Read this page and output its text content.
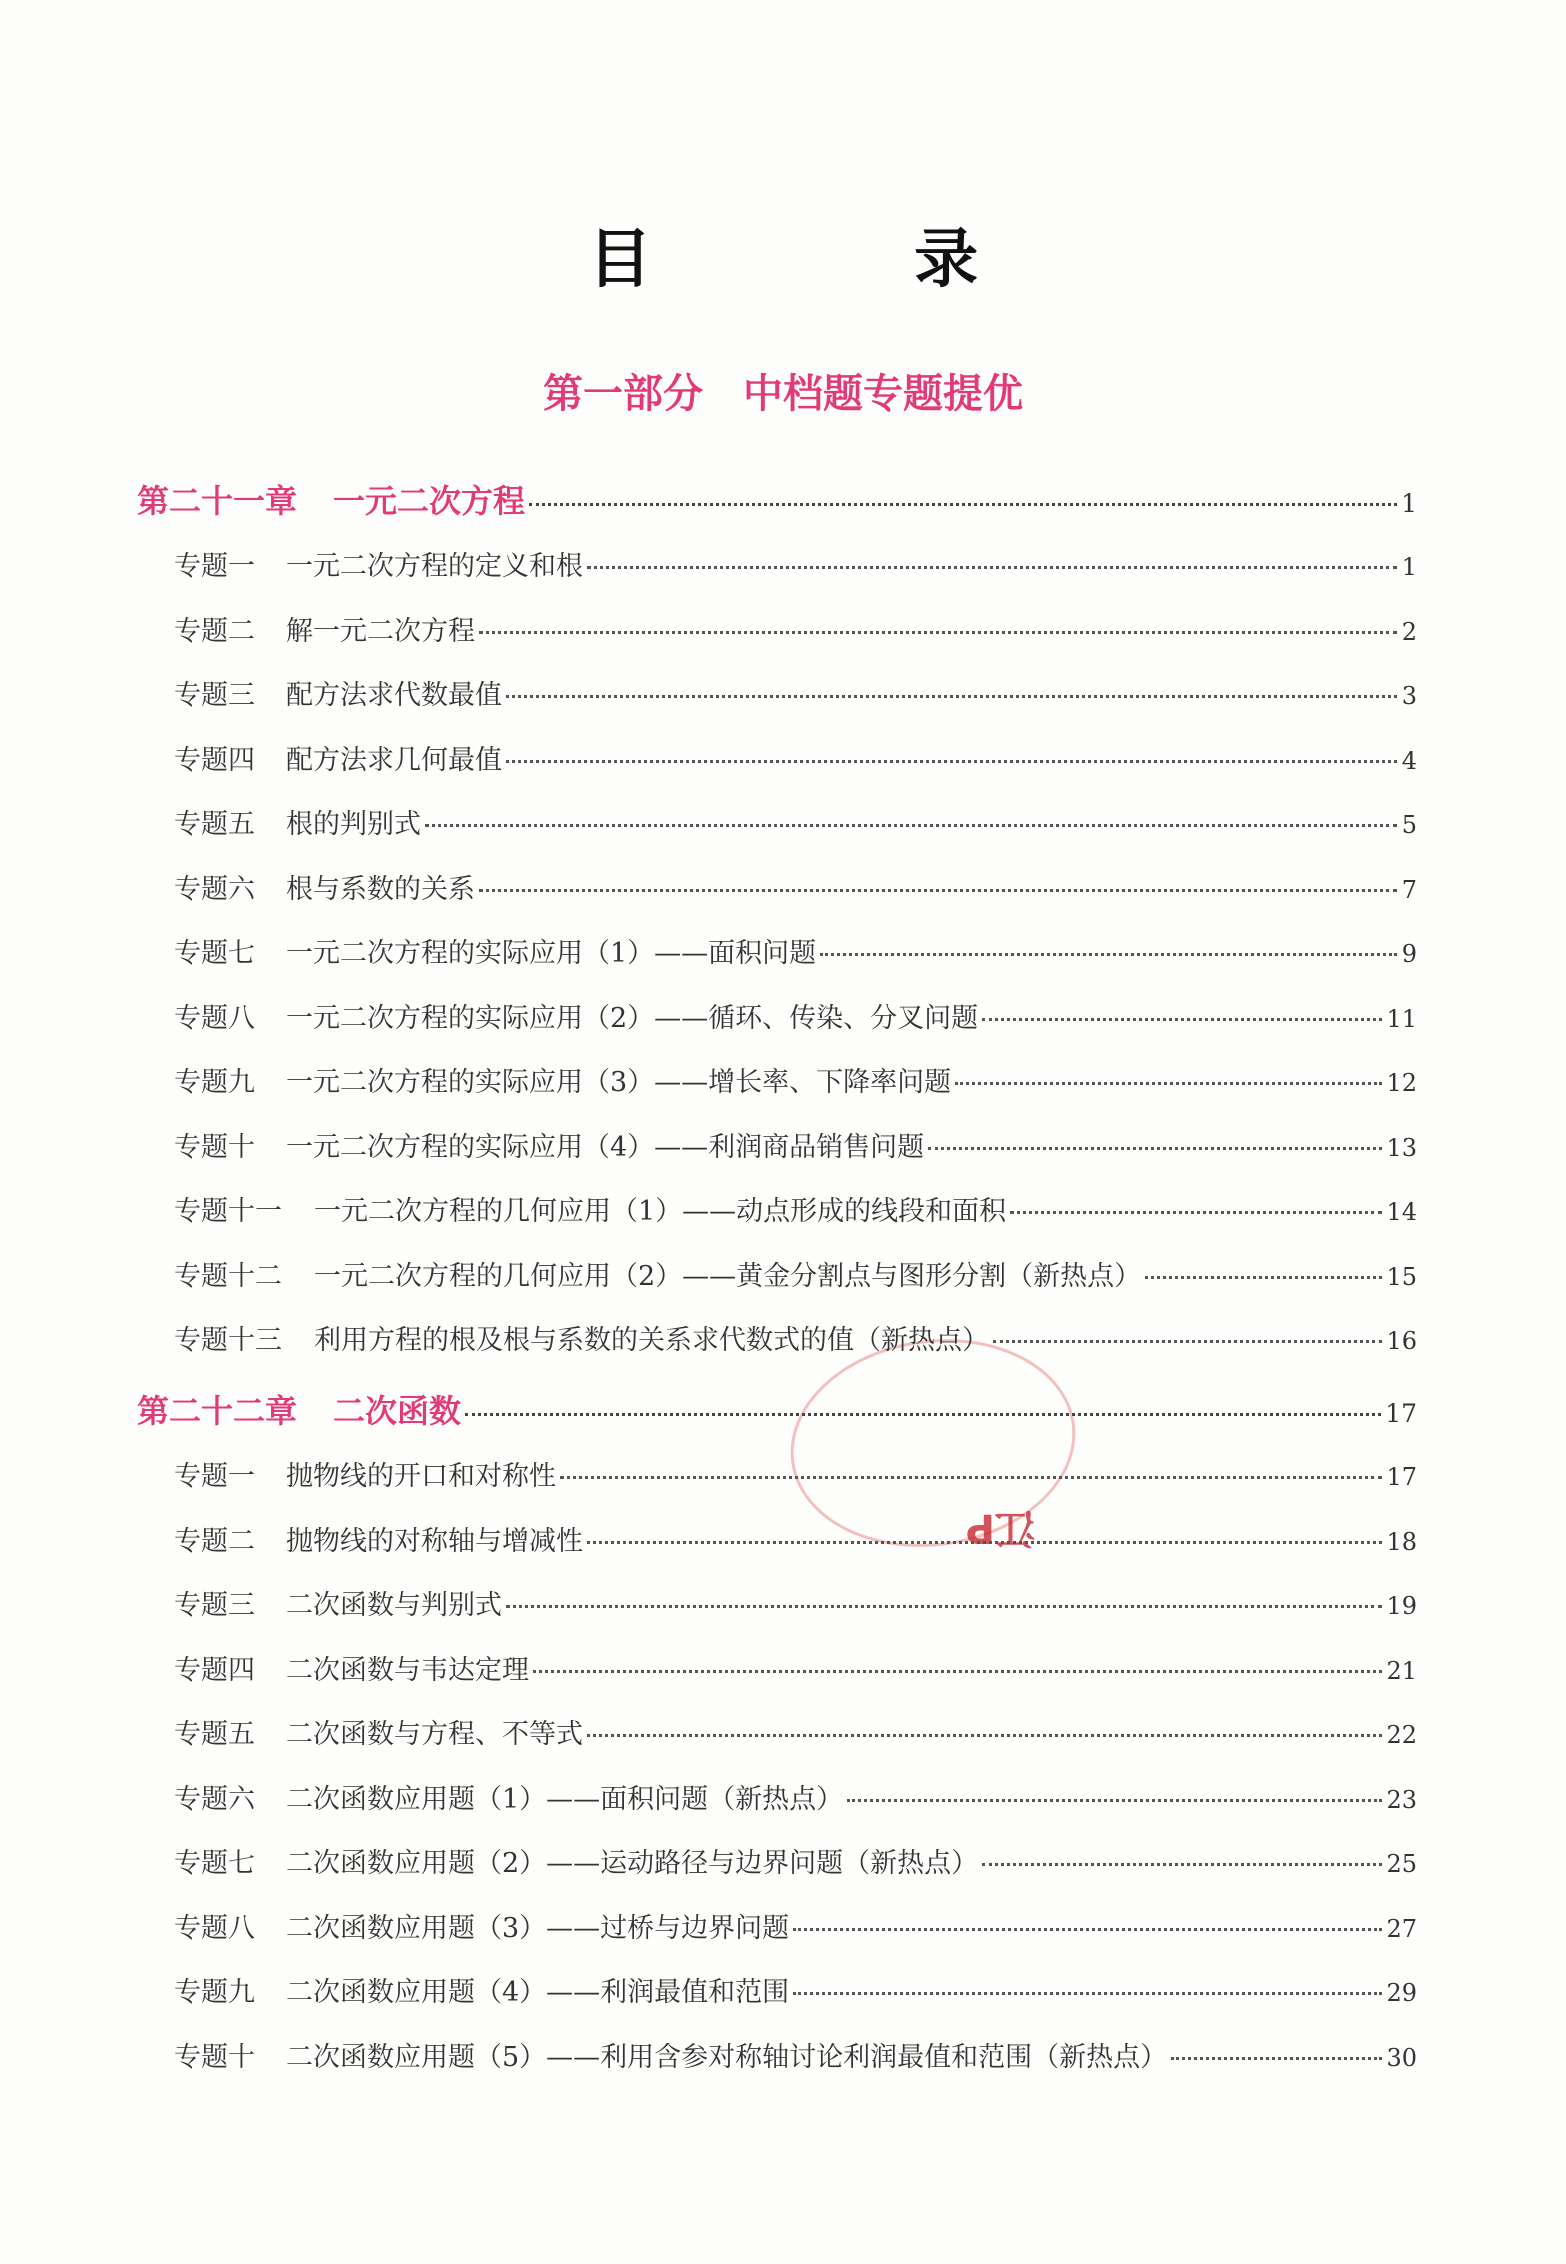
目 录
第一部分 中档题专题提优
江P
第二十一章 一元二次方程	1
专题一	一元二次方程的定义和根	1
专题二	解一元二次方程	2
专题三	配方法求代数最值	3
专题四	配方法求几何最值	4
专题五	根的判别式	5
专题六	根与系数的关系	7
专题七	一元二次方程的实际应用（1）——面积问题	9
专题八	一元二次方程的实际应用（2）——循环、传染、分叉问题	11
专题九	一元二次方程的实际应用（3）——增长率、下降率问题	12
专题十	一元二次方程的实际应用（4）——利润商品销售问题	13
专题十一	一元二次方程的几何应用（1）——动点形成的线段和面积	14
专题十二	一元二次方程的几何应用（2）——黄金分割点与图形分割（新热点）	15
专题十三	利用方程的根及根与系数的关系求代数式的值（新热点）	16
第二十二章 二次函数	17
专题一	抛物线的开口和对称性	17
专题二	抛物线的对称轴与增减性	18
专题三	二次函数与判别式	19
专题四	二次函数与韦达定理	21
专题五	二次函数与方程、不等式	22
专题六	二次函数应用题（1）——面积问题（新热点）	23
专题七	二次函数应用题（2）——运动路径与边界问题（新热点）	25
专题八	二次函数应用题（3）——过桥与边界问题	27
专题九	二次函数应用题（4）——利润最值和范围	29
专题十	二次函数应用题（5）——利用含参对称轴讨论利润最值和范围（新热点）	30
